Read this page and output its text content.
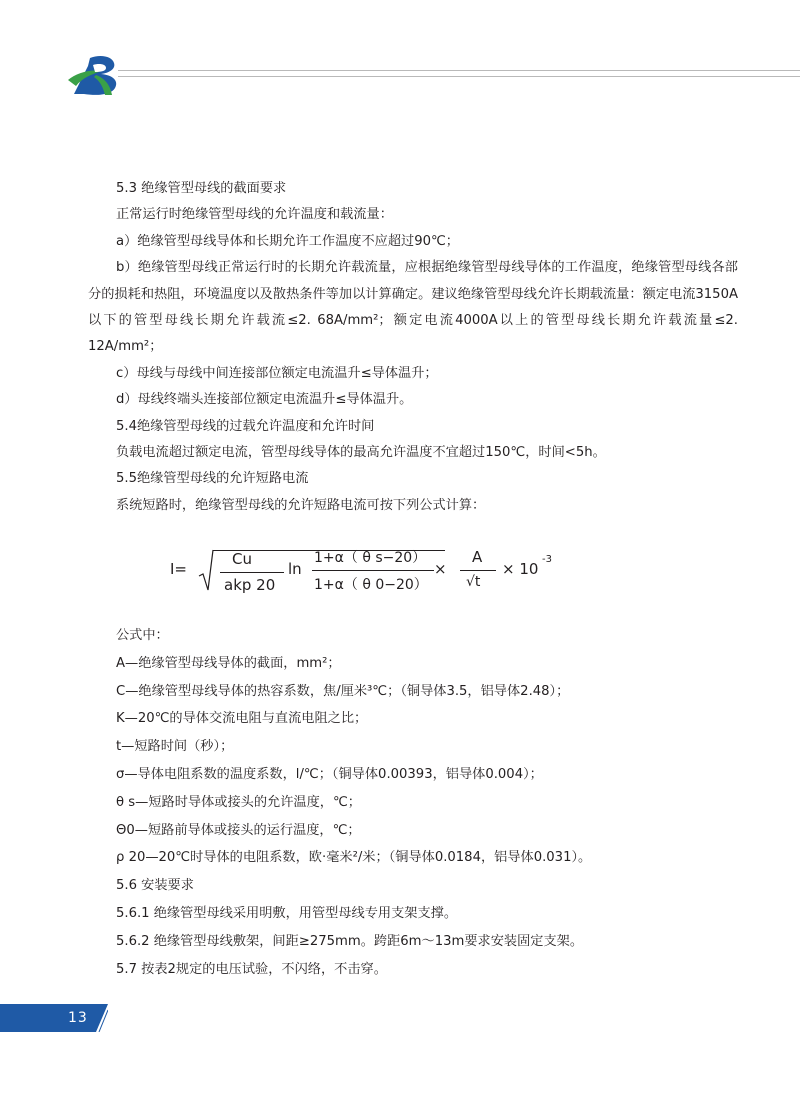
5.3 绝缘管型母线的截面要求
正常运行时绝缘管型母线的允许温度和载流量：
a）绝缘管型母线导体和长期允许工作温度不应超过90℃；
b）绝缘管型母线正常运行时的长期允许载流量，应根据绝缘管型母线导体的工作温度，绝缘管型母线各部分的损耗和热阻，环境温度以及散热条件等加以计算确定。建议绝缘管型母线允许长期载流量：额定电流3150A以下的管型母线长期允许载流≤2. 68A/mm²；额定电流4000A以上的管型母线长期允许载流量≤2. 12A/mm²；
c）母线与母线中间连接部位额定电流温升≤导体温升；
d）母线终端头连接部位额定电流温升≤导体温升。
5.4绝缘管型母线的过载允许温度和允许时间
负载电流超过额定电流，管型母线导体的最高允许温度不宜超过150℃，时间<5h。
5.5绝缘管型母线的允许短路电流
系统短路时，绝缘管型母线的允许短路电流可按下列公式计算：
I=
Cu
akp 20
ln
1+α（ θ s−20）
1+α（ θ 0−20）
×
A
√t
× 10
-3
公式中：
A—绝缘管型母线导体的截面，mm²；
C—绝缘管型母线导体的热容系数，焦/厘米³℃；（铜导体3.5，铝导体2.48）；
K—20℃的导体交流电阻与直流电阻之比；
t—短路时间（秒）；
σ—导体电阻系数的温度系数，l/℃；（铜导体0.00393，铝导体0.004）；
θ s—短路时导体或接头的允许温度，℃；
Θ0—短路前导体或接头的运行温度，℃；
ρ 20—20℃时导体的电阻系数，欧·毫米²/米；（铜导体0.0184，铝导体0.031）。
5.6 安装要求
5.6.1 绝缘管型母线采用明敷，用管型母线专用支架支撑。
5.6.2 绝缘管型母线敷架，间距≥275mm。跨距6m～13m要求安装固定支架。
5.7 按表2规定的电压试验，不闪络，不击穿。
13
